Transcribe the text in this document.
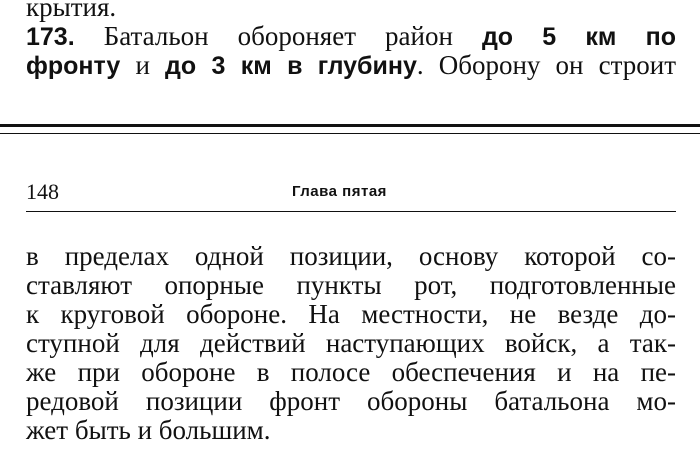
крытия.
173. Батальон обороняет район до 5 км по
фронту и до 3 км в глубину. Оборону он строит
148	Глава пятая
в пределах одной позиции, основу которой со-
ставляют опорные пункты рот, подготовленные
к круговой обороне. На местности, не везде до-
ступной для действий наступающих войск, а так-
же при обороне в полосе обеспечения и на пе-
редовой позиции фронт обороны батальона мо-
жет быть и большим.
